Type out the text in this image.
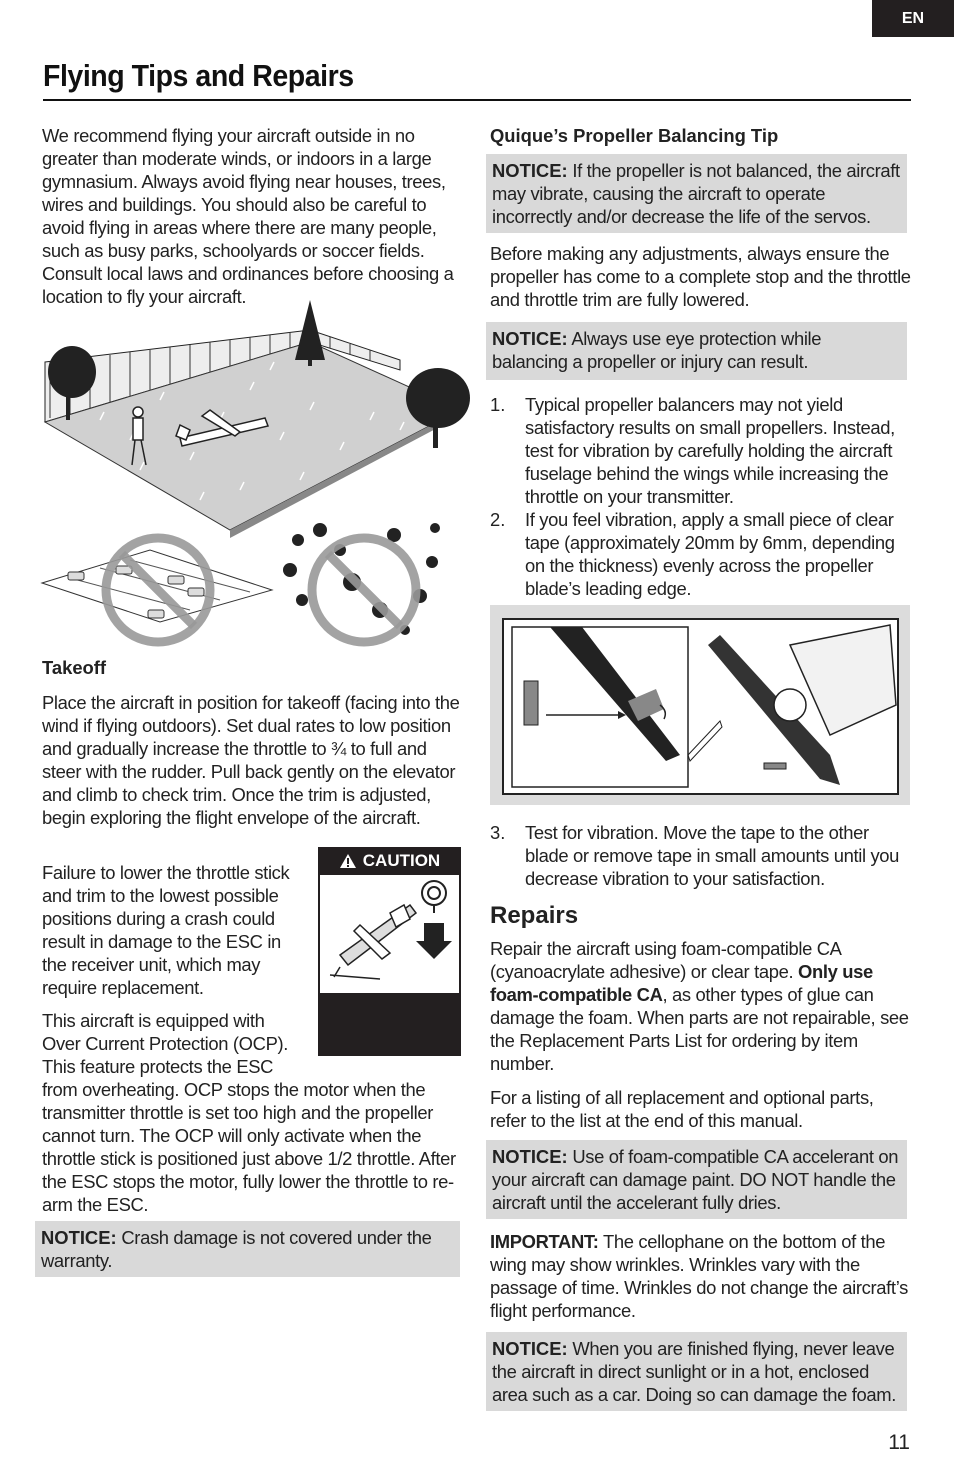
EN
Flying Tips and Repairs

We recommend flying your aircraft outside in no greater than moderate winds, or indoors in a large gymnasium. Always avoid flying near houses, trees, wires and buildings. You should also be careful to avoid flying in areas where there are many people, such as busy parks, schoolyards or soccer fields. Consult local laws and ordinances before choosing a location to fly your aircraft.

Takeoff

Place the aircraft in position for takeoff (facing into the wind if flying outdoors). Set dual rates to low position and gradually increase the throttle to ¾ to full and steer with the rudder. Pull back gently on the elevator and climb to check trim. Once the trim is adjusted, begin exploring the flight envelope of the aircraft.

Failure to lower the throttle stick and trim to the lowest possible positions during a crash could result in damage to the ESC in the receiver unit, which may require replacement.

This aircraft is equipped with Over Current Protection (OCP). This feature protects the ESC

from overheating. OCP stops the motor when the transmitter throttle is set too high and the propeller cannot turn. The OCP will only activate when the throttle stick is positioned just above 1/2 throttle. After the ESC stops the motor, fully lower the throttle to re-arm the ESC.

CAUTION
NOTICE: Crash damage is not covered under the warranty.
Quique’s Propeller Balancing Tip
NOTICE: If the propeller is not balanced, the aircraft may vibrate, causing the aircraft to operate incorrectly and/or decrease the life of the servos.

Before making any adjustments, always ensure the propeller has come to a complete stop and the throttle and throttle trim are fully lowered.

NOTICE: Always use eye protection while balancing a propeller or injury can result.
1.	Typical propeller balancers may not yield satisfactory results on small propellers. Instead, test for vibration by carefully holding the aircraft fuselage behind the wings while increasing the throttle on your transmitter.
2.	If you feel vibration, apply a small piece of clear tape (approximately 20mm by 6mm, depending on the thickness) evenly across the propeller blade’s leading edge.
3.	Test for vibration. Move the tape to the other blade or remove tape in small amounts until you decrease vibration to your satisfaction.
Repairs

Repair the aircraft using foam-compatible CA (cyanoacrylate adhesive) or clear tape. Only use foam-compatible CA, as other types of glue can damage the foam. When parts are not repairable, see the Replacement Parts List for ordering by item number.

For a listing of all replacement and optional parts, refer to the list at the end of this manual.

NOTICE: Use of foam-compatible CA accelerant on your aircraft can damage paint. DO NOT handle the aircraft until the accelerant fully dries.

IMPORTANT: The cellophane on the bottom of the wing may show wrinkles. Wrinkles vary with the passage of time. Wrinkles do not change the aircraft’s flight performance.

NOTICE: When you are finished flying, never leave the aircraft in direct sunlight or in a hot, enclosed area such as a car. Doing so can damage the foam.
11
